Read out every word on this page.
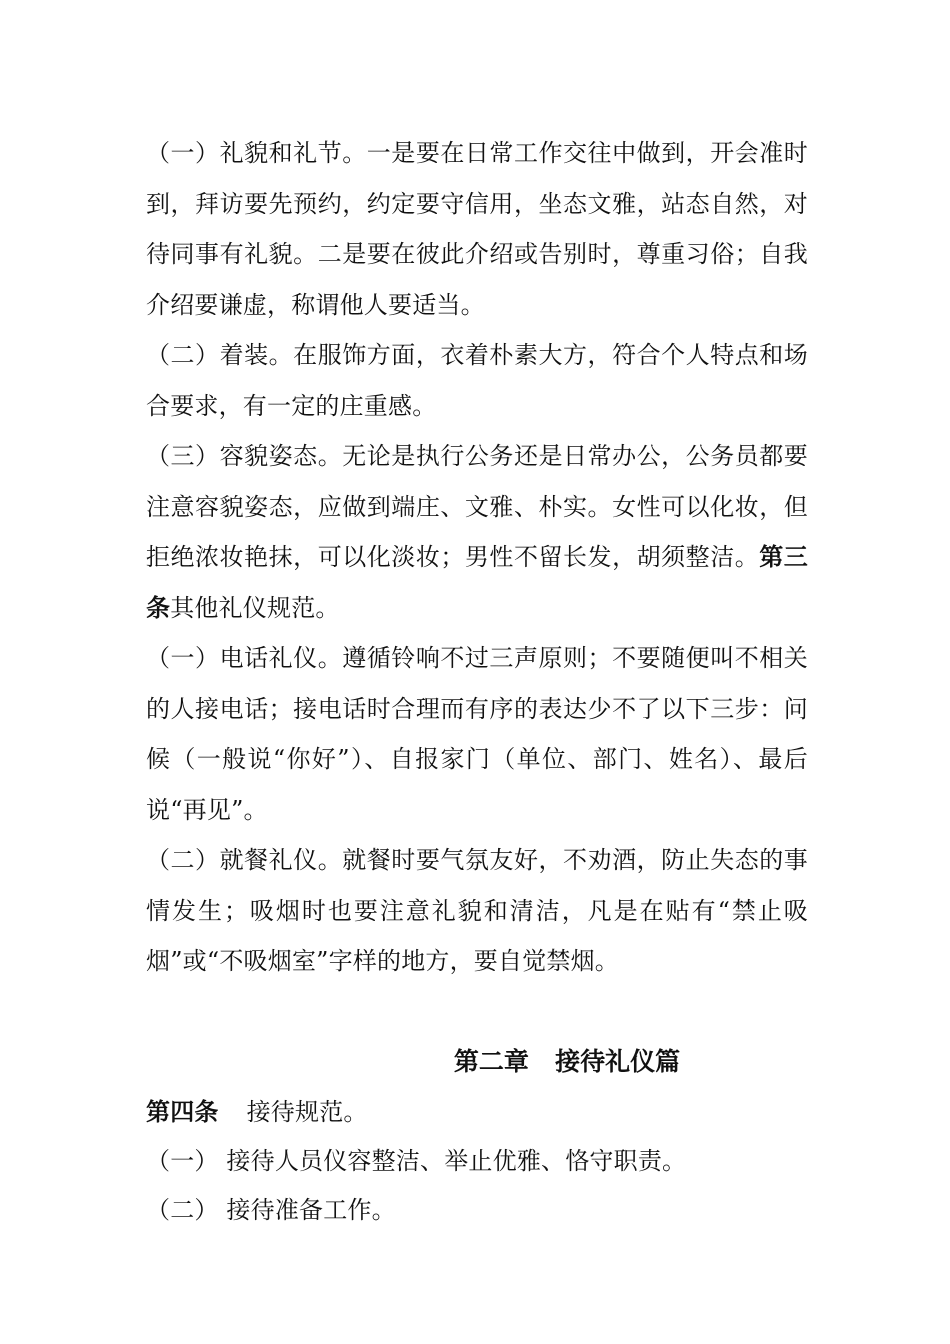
（一）礼貌和礼节。一是要在日常工作交往中做到，开会准时到，拜访要先预约，约定要守信用，坐态文雅，站态自然，对待同事有礼貌。二是要在彼此介绍或告别时，尊重习俗；自我介绍要谦虚，称谓他人要适当。

（二）着装。在服饰方面，衣着朴素大方，符合个人特点和场合要求，有一定的庄重感。

（三）容貌姿态。无论是执行公务还是日常办公，公务员都要注意容貌姿态，应做到端庄、文雅、朴实。女性可以化妆，但拒绝浓妆艳抹，可以化淡妆；男性不留长发，胡须整洁。第三条其他礼仪规范。

（一）电话礼仪。遵循铃响不过三声原则；不要随便叫不相关的人接电话；接电话时合理而有序的表达少不了以下三步：问候（一般说“你好”）、自报家门（单位、部门、姓名）、最后说“再见”。

（二）就餐礼仪。就餐时要气氛友好，不劝酒，防止失态的事情发生；吸烟时也要注意礼貌和清洁，凡是在贴有“禁止吸烟”或“不吸烟室”字样的地方，要自觉禁烟。

第二章 接待礼仪篇

第四条 接待规范。

（一） 接待人员仪容整洁、举止优雅、恪守职责。

（二） 接待准备工作。
